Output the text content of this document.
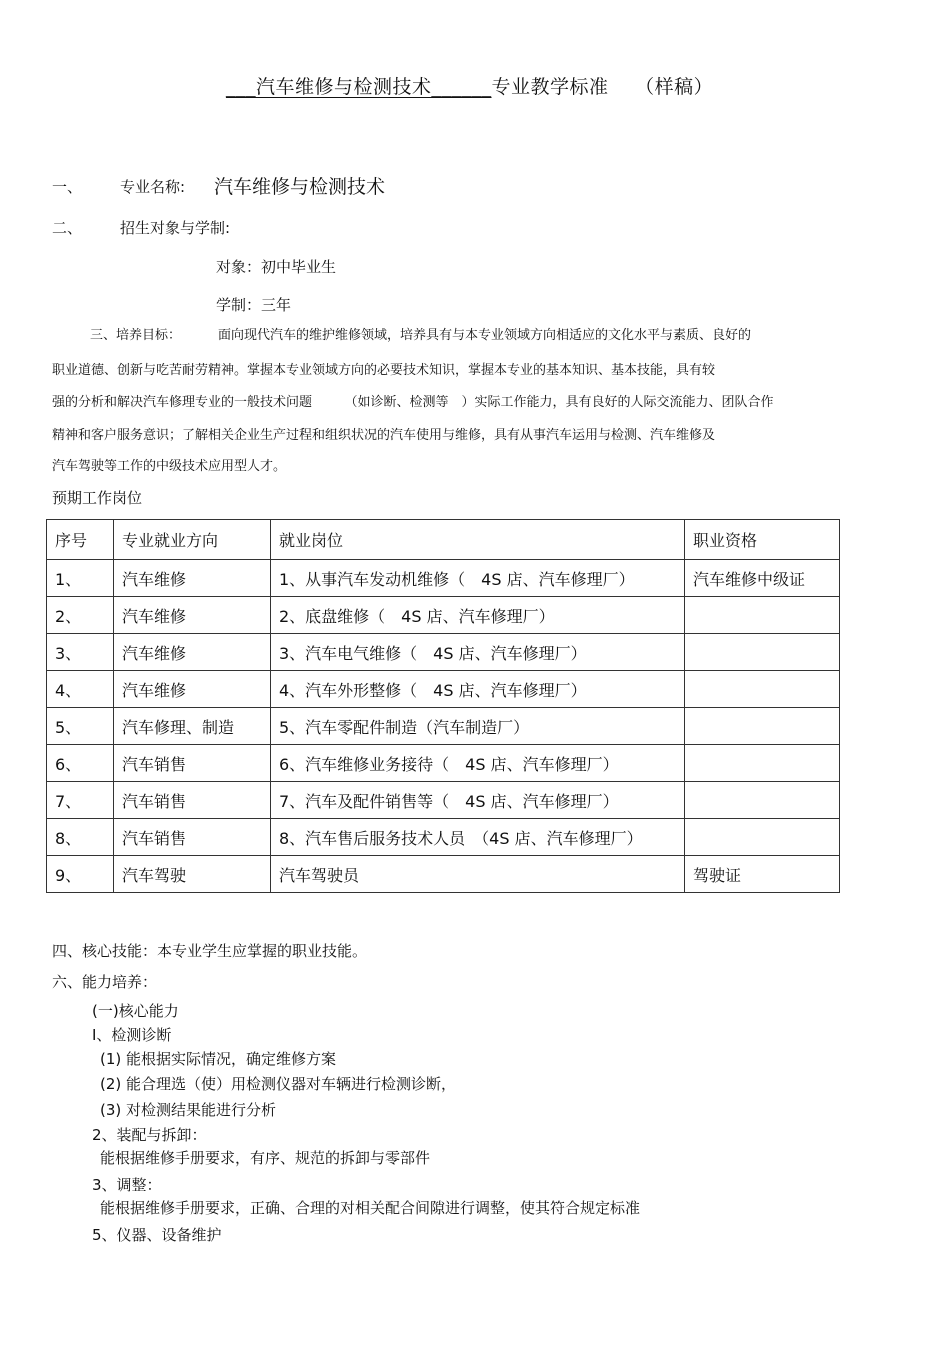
___汽车维修与检测技术______专业教学标准 （样稿）
一、	专业名称: 汽车维修与检测技术
二、	招生对象与学制:
对象：初中毕业生
学制：三年
三、培养目标：	面向现代汽车的维护维修领域，培养具有与本专业领域方向相适应的文化水平与素质、良好的
职业道德、创新与吃苦耐劳精神。掌握本专业领域方向的必要技术知识，掌握本专业的基本知识、基本技能，具有较
强的分析和解决汽车修理专业的一般技术问题　　　（如诊断、检测等　）实际工作能力，具有良好的人际交流能力、团队合作
精神和客户服务意识；了解相关企业生产过程和组织状况的汽车使用与维修，具有从事汽车运用与检测、汽车维修及
汽车驾驶等工作的中级技术应用型人才。
预期工作岗位
序号	专业就业方向	就业岗位	职业资格
1、	汽车维修	1、从事汽车发动机维修（　4S 店、汽车修理厂）	汽车维修中级证
2、	汽车维修	2、底盘维修（　4S 店、汽车修理厂）	
3、	汽车维修	3、汽车电气维修（　4S 店、汽车修理厂）	
4、	汽车维修	4、汽车外形整修（　4S 店、汽车修理厂）	
5、	汽车修理、制造	5、汽车零配件制造（汽车制造厂）	
6、	汽车销售	6、汽车维修业务接待（　4S 店、汽车修理厂）	
7、	汽车销售	7、汽车及配件销售等（　4S 店、汽车修理厂）	
8、	汽车销售	8、汽车售后服务技术人员　（4S 店、汽车修理厂）	
9、	汽车驾驶	汽车驾驶员	驾驶证
四、核心技能：本专业学生应掌握的职业技能。
六、能力培养：
(一)核心能力
Ⅰ、检测诊断
(1) 能根据实际情况，确定维修方案
(2) 能合理选（使）用检测仪器对车辆进行检测诊断，
(3) 对检测结果能进行分析
2、装配与拆卸：
能根据维修手册要求，有序、规范的拆卸与零部件
3、调整：
能根据维修手册要求，正确、合理的对相关配合间隙进行调整，使其符合规定标准
5、仪器、设备维护
